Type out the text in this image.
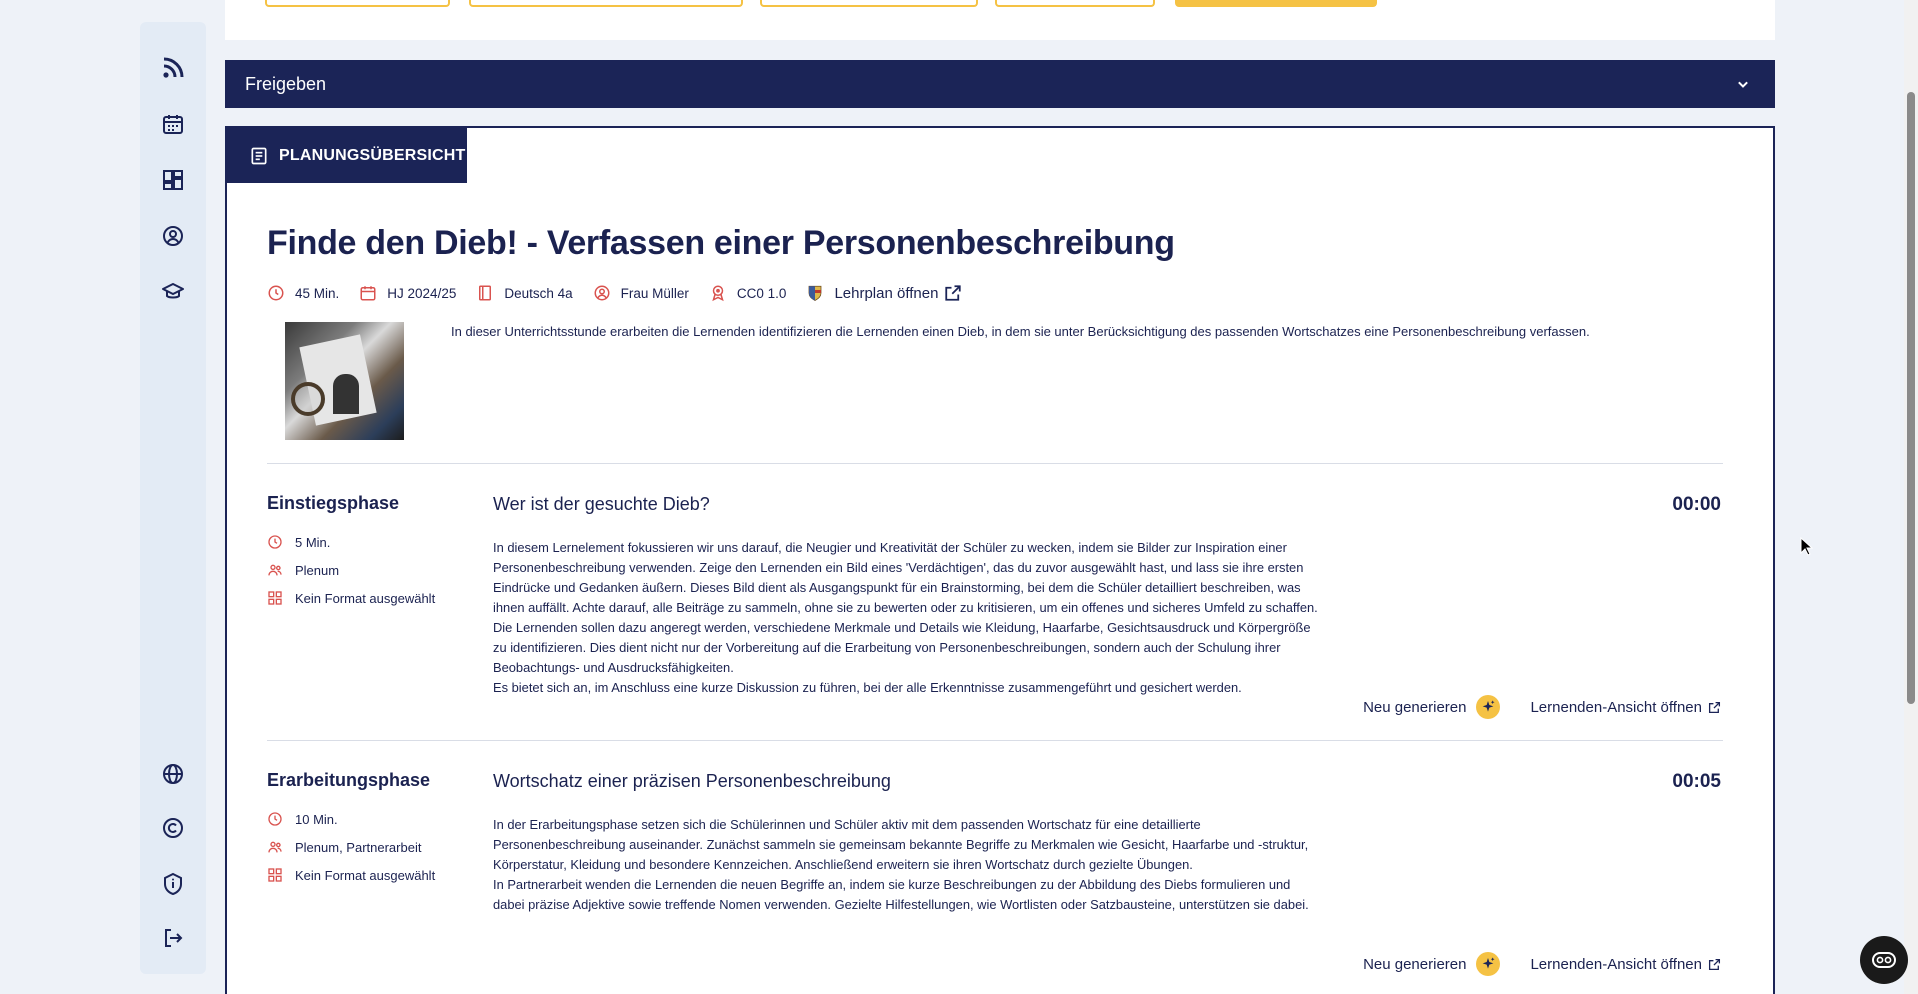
Freigeben
PLANUNGSÜBERSICHT
Finde den Dieb! - Verfassen einer Personenbeschreibung
45 Min.	HJ 2024/25	Deutsch 4a	Frau Müller	CC0 1.0	Lehrplan öffnen
In dieser Unterrichtsstunde erarbeiten die Lernenden identifizieren die Lernenden einen Dieb, in dem sie unter Berücksichtigung des passenden Wortschatzes eine Personenbeschreibung verfassen.
Einstiegsphase
5 Min.
Plenum
Kein Format ausgewählt
Wer ist der gesuchte Dieb?	00:00

In diesem Lernelement fokussieren wir uns darauf, die Neugier und Kreativität der Schüler zu wecken, indem sie Bilder zur Inspiration einer Personenbeschreibung verwenden. Zeige den Lernenden ein Bild eines 'Verdächtigen', das du zuvor ausgewählt hast, und lass sie ihre ersten Eindrücke und Gedanken äußern. Dieses Bild dient als Ausgangspunkt für ein Brainstorming, bei dem die Schüler detailliert beschreiben, was ihnen auffällt. Achte darauf, alle Beiträge zu sammeln, ohne sie zu bewerten oder zu kritisieren, um ein offenes und sicheres Umfeld zu schaffen.

Die Lernenden sollen dazu angeregt werden, verschiedene Merkmale und Details wie Kleidung, Haarfarbe, Gesichtsausdruck und Körpergröße zu identifizieren. Dies dient nicht nur der Vorbereitung auf die Erarbeitung von Personenbeschreibungen, sondern auch der Schulung ihrer Beobachtungs- und Ausdrucksfähigkeiten.

Es bietet sich an, im Anschluss eine kurze Diskussion zu führen, bei der alle Erkenntnisse zusammengeführt und gesichert werden.

Neu generieren	Lernenden-Ansicht öffnen
Erarbeitungsphase
10 Min.
Plenum, Partnerarbeit
Kein Format ausgewählt
Wortschatz einer präzisen Personenbeschreibung	00:05

In der Erarbeitungsphase setzen sich die Schülerinnen und Schüler aktiv mit dem passenden Wortschatz für eine detaillierte Personenbeschreibung auseinander. Zunächst sammeln sie gemeinsam bekannte Begriffe zu Merkmalen wie Gesicht, Haarfarbe und -struktur, Körperstatur, Kleidung und besondere Kennzeichen. Anschließend erweitern sie ihren Wortschatz durch gezielte Übungen.

In Partnerarbeit wenden die Lernenden die neuen Begriffe an, indem sie kurze Beschreibungen zu der Abbildung des Diebs formulieren und dabei präzise Adjektive sowie treffende Nomen verwenden. Gezielte Hilfestellungen, wie Wortlisten oder Satzbausteine, unterstützen sie dabei.

Neu generieren	Lernenden-Ansicht öffnen
